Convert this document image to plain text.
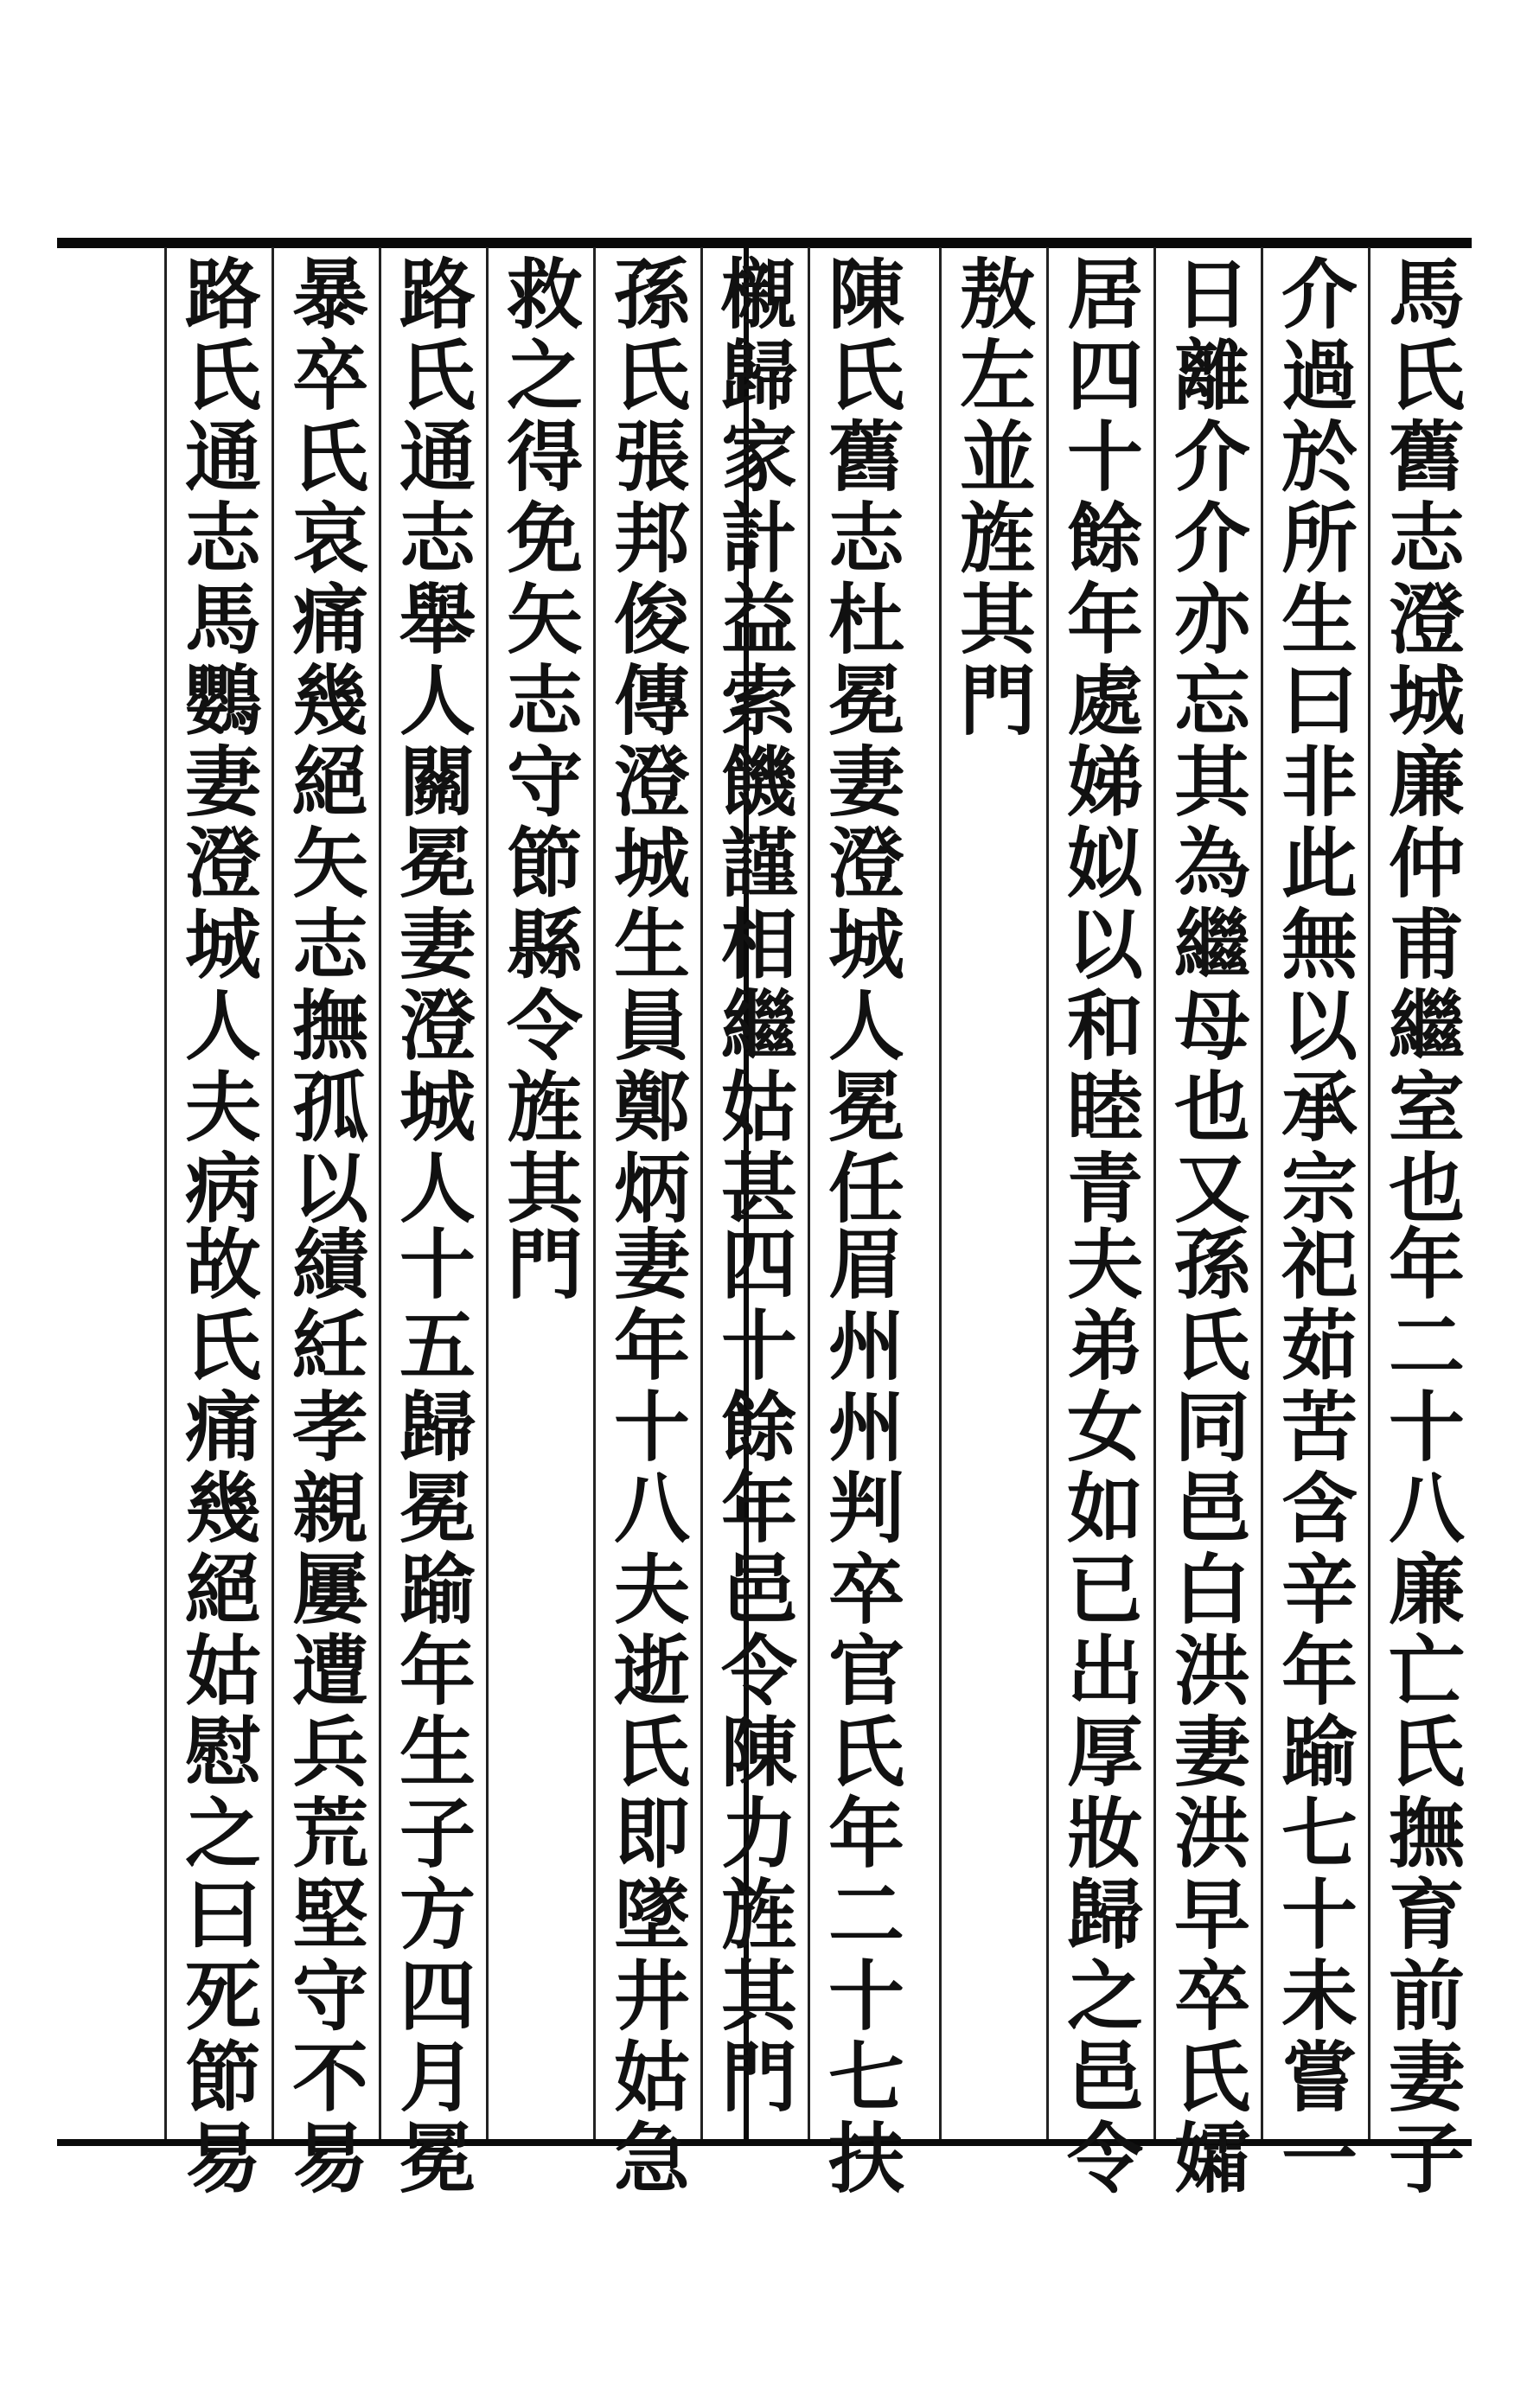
馬氏舊志澄城廉仲甫繼室也
年二十八廉亡氏撫育前妻子
介過於所生曰非此無以承宗
祀茹苦含辛年踰七十未嘗一
日離介介亦忘其為繼母也又
孫氏同邑白洪妻洪早卒氏孀
居四十餘年處娣姒以和睦青
夫弟女如已出厚妝歸之邑令
敖左並旌其門
陳氏舊志杜冕妻澄城人冕任
眉州州判卒官氏年二十七扶
櫬歸家計益索饑謹相繼姑甚
四十餘年邑令陳力旌其門
孫氏張邦俊傳澄城生員鄭炳
妻年十八夫逝氏即墜井姑急
救之得免矢志守節縣令旌其
門
路氏通志舉人關冕妻澄城人
十五歸冕踰年生子方四月冕
暴卒氏哀痛幾絕矢志撫孤以
績紝孝親屢遭兵荒堅守不易
路氏通志馬鸚妻澄城人夫病
故氏痛幾絕姑慰之曰死節易
